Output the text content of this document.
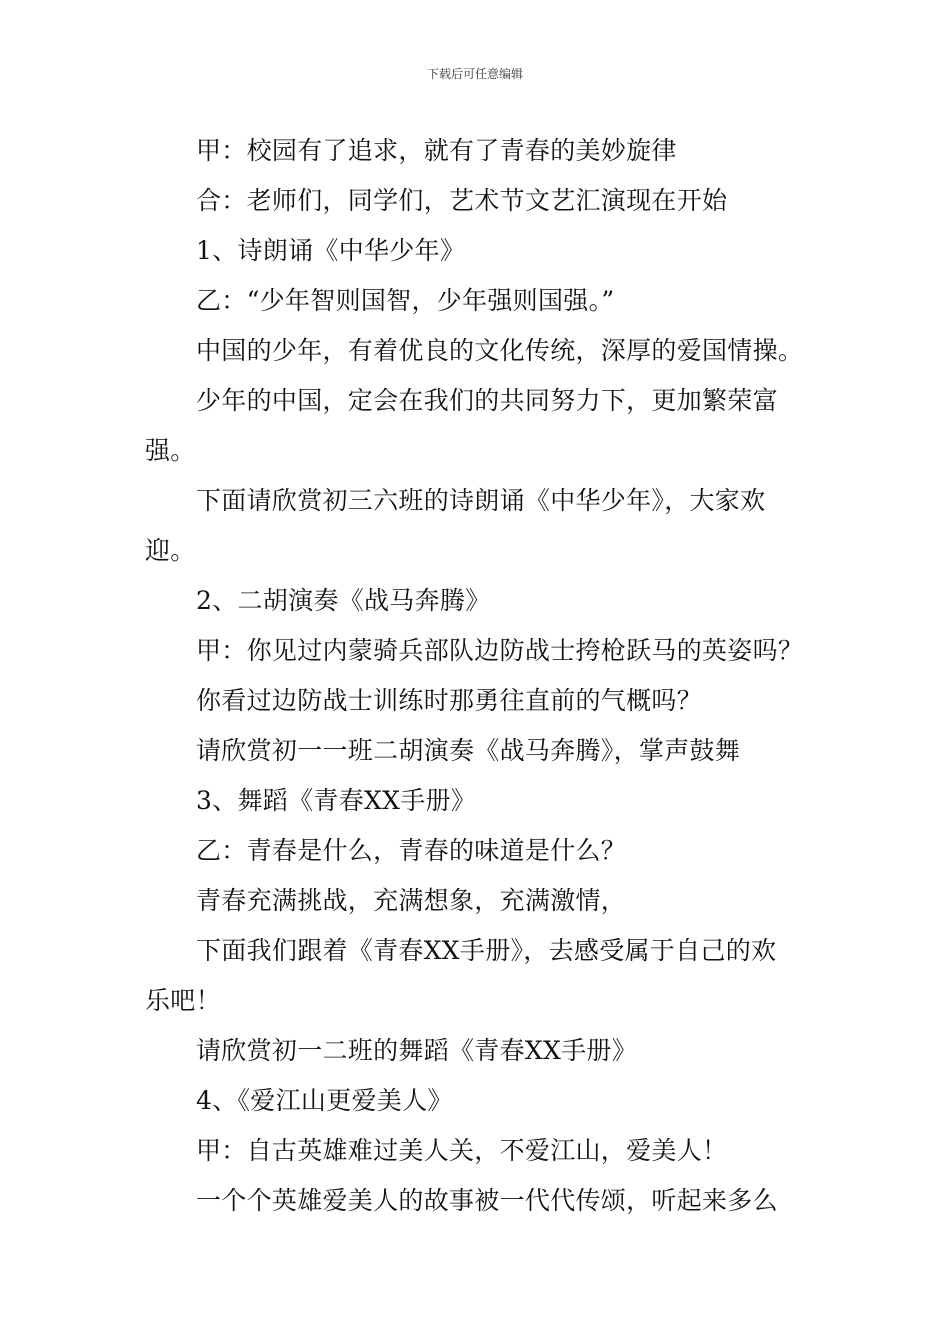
下载后可任意编辑
甲：校园有了追求，就有了青春的美妙旋律
合：老师们，同学们，艺术节文艺汇演现在开始
1、诗朗诵《中华少年》
乙：“少年智则国智，少年强则国强。”
中国的少年，有着优良的文化传统，深厚的爱国情操。
少年的中国，定会在我们的共同努力下，更加繁荣富
强。
下面请欣赏初三六班的诗朗诵《中华少年》，大家欢
迎。
2、二胡演奏《战马奔腾》
甲：你见过内蒙骑兵部队边防战士挎枪跃马的英姿吗？
你看过边防战士训练时那勇往直前的气概吗？
请欣赏初一一班二胡演奏《战马奔腾》，掌声鼓舞
3、舞蹈《青春XX手册》
乙：青春是什么，青春的味道是什么？
青春充满挑战，充满想象，充满激情，
下面我们跟着《青春XX手册》，去感受属于自己的欢
乐吧！
请欣赏初一二班的舞蹈《青春XX手册》
4、《爱江山更爱美人》
甲：自古英雄难过美人关，不爱江山，爱美人！
一个个英雄爱美人的故事被一代代传颂，听起来多么
